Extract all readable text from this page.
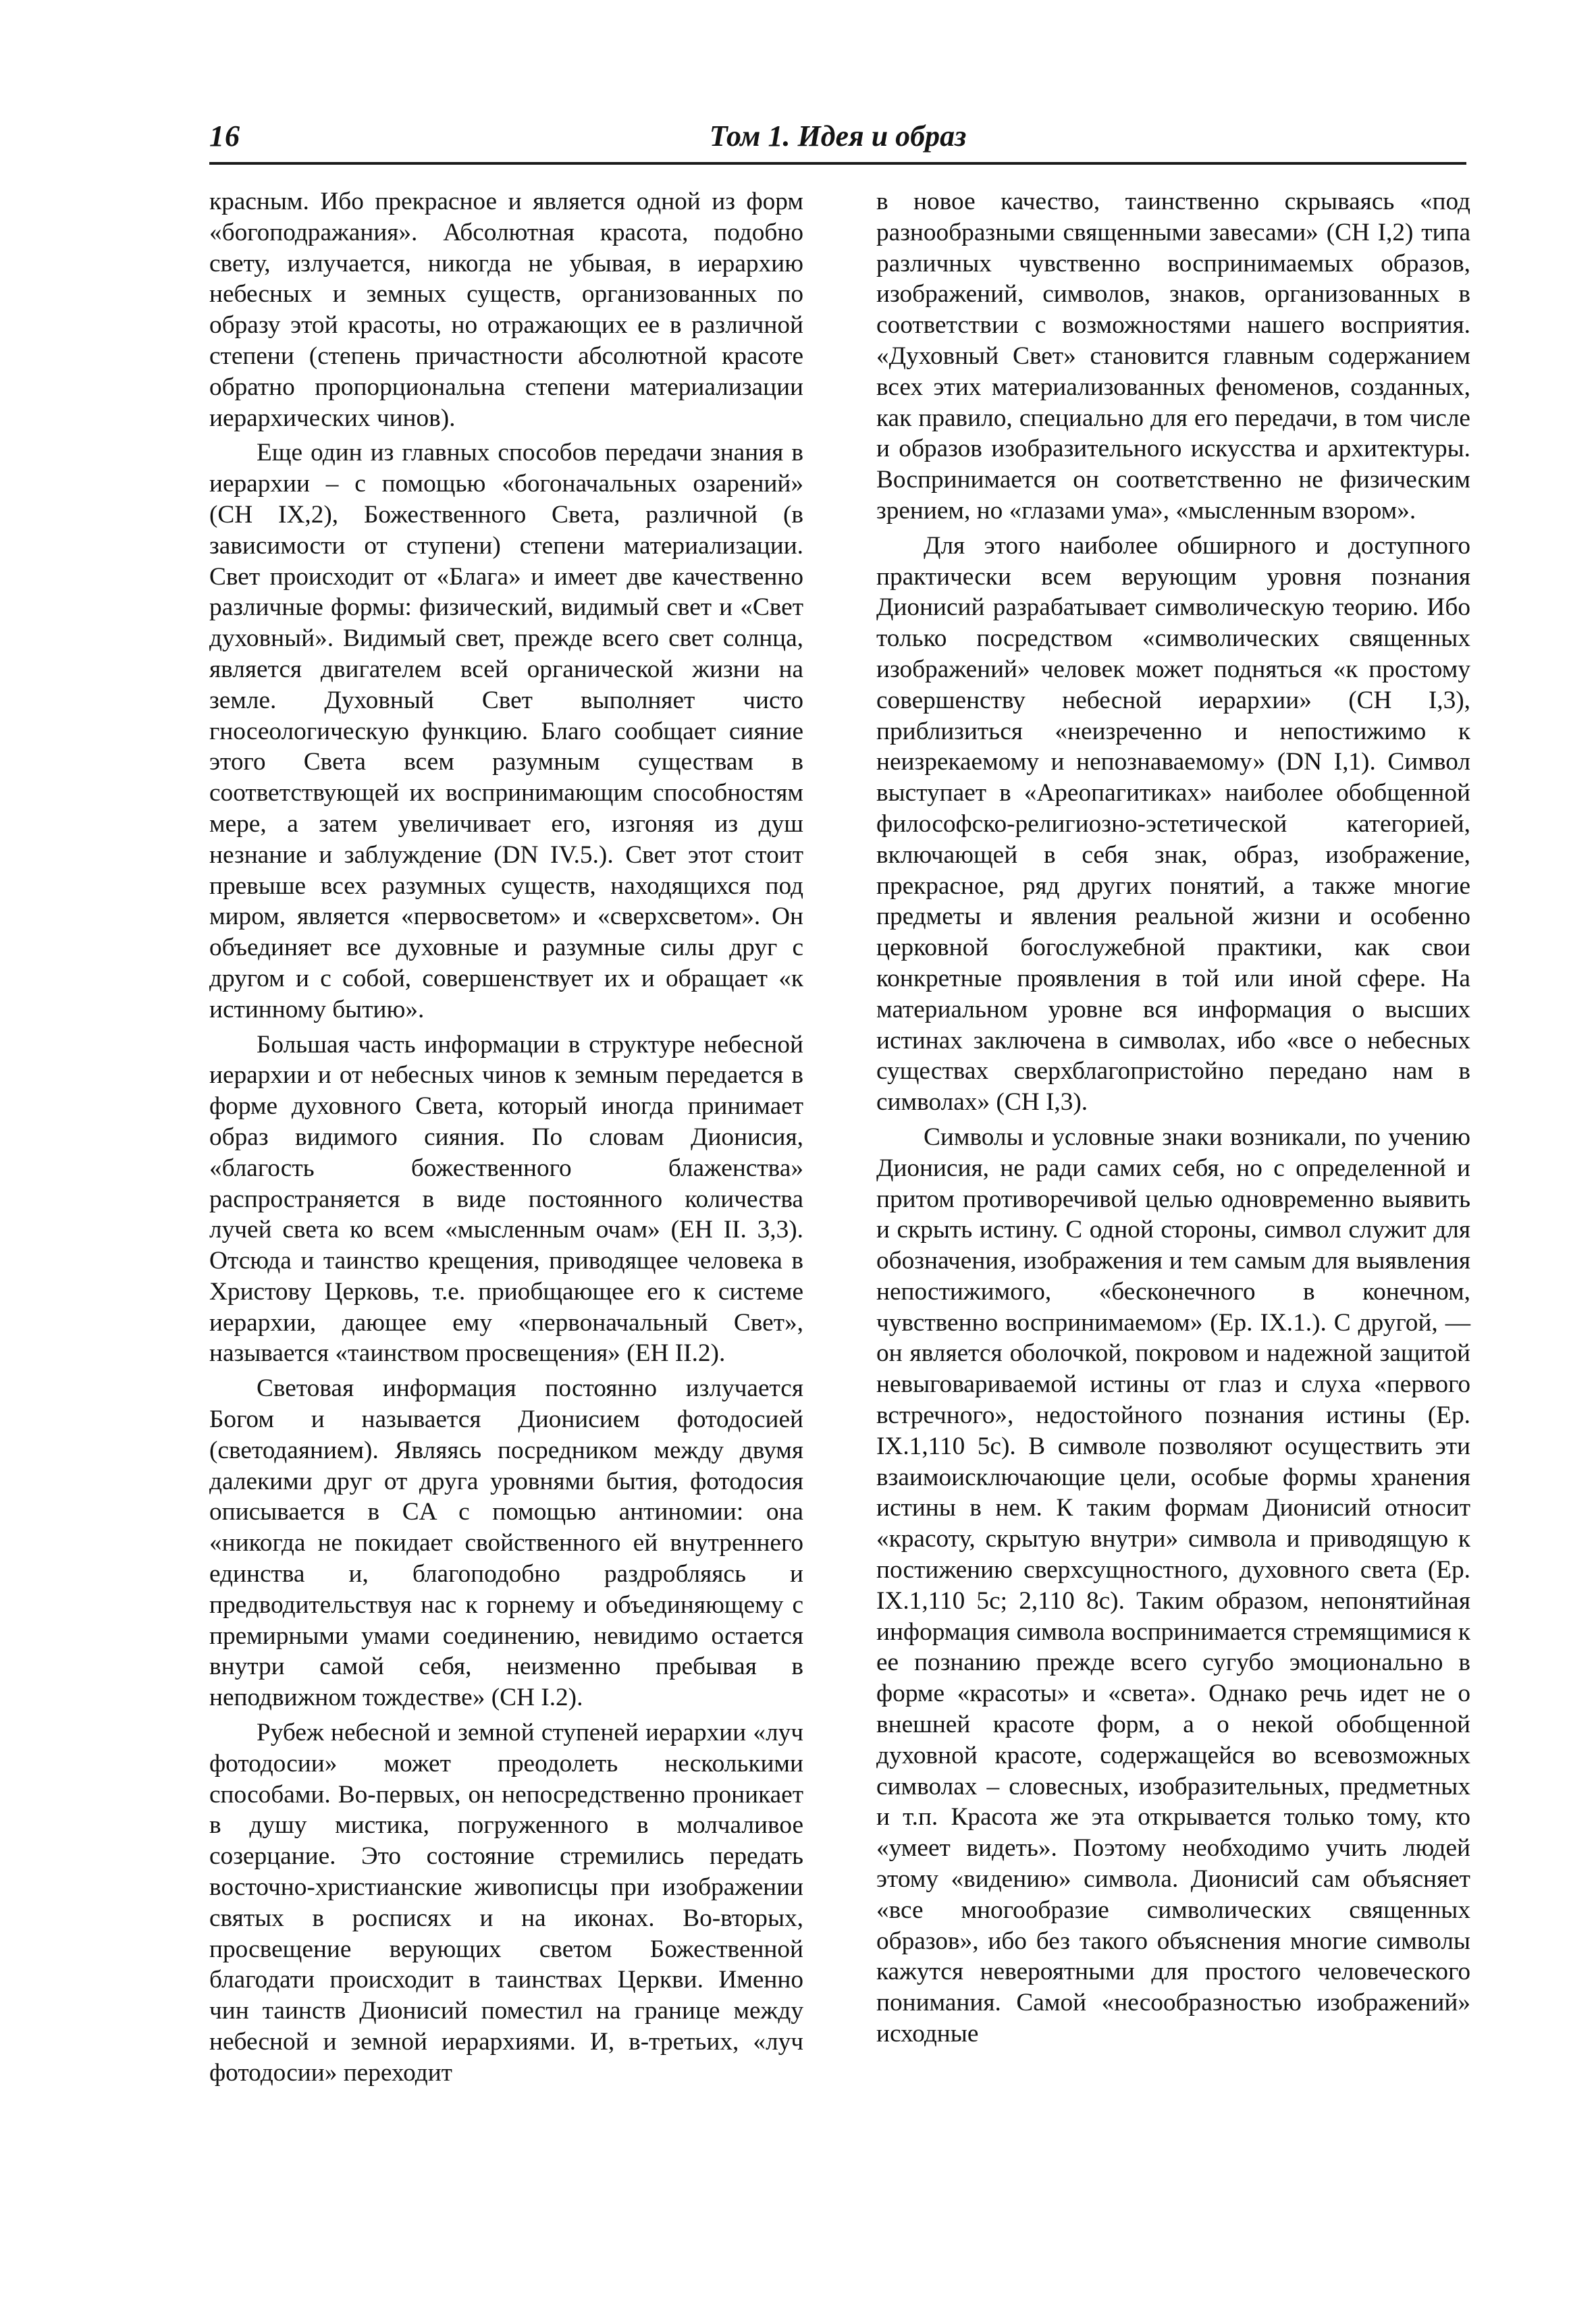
16	Том 1. Идея и образ

красным. Ибо прекрасное и является одной из форм «богоподражания». Абсолютная красота, подобно свету, излучается, никогда не убывая, в иерархию небесных и земных существ, организованных по образу этой красоты, но отражающих ее в различной степени (степень причастности абсолютной красоте обратно пропорциональна степени материализации иерархических чинов).

Еще один из главных способов передачи знания в иерархии – с помощью «богоначальных озарений» (CH IX,2), Божественного Света, различной (в зависимости от ступени) степени материализации. Свет происходит от «Блага» и имеет две качественно различные формы: физический, видимый свет и «Свет духовный». Видимый свет, прежде всего свет солнца, является двигателем всей органической жизни на земле. Духовный Свет выполняет чисто гносеологическую функцию. Благо сообщает сияние этого Света всем разумным существам в соответствующей их воспринимающим способностям мере, а затем увеличивает его, изгоняя из душ незнание и заблуждение (DN IV.5.). Свет этот стоит превыше всех разумных существ, находящихся под миром, является «первосветом» и «сверхсветом». Он объединяет все духовные и разумные силы друг с другом и с собой, совершенствует их и обращает «к истинному бытию».

Большая часть информации в структуре небесной иерархии и от небесных чинов к земным передается в форме духовного Света, который иногда принимает образ видимого сияния. По словам Дионисия, «благость божественного блаженства» распространяется в виде постоянного количества лучей света ко всем «мысленным очам» (EH II. 3,3). Отсюда и таинство крещения, приводящее человека в Христову Церковь, т.е. приобщающее его к системе иерархии, дающее ему «первоначальный Свет», называется «таинством просвещения» (EH II.2).

Световая информация постоянно излучается Богом и называется Дионисием фотодосией (светодаянием). Являясь посредником между двумя далекими друг от друга уровнями бытия, фотодосия описывается в CA с помощью антиномии: она «никогда не покидает свойственного ей внутреннего единства и, благоподобно раздробляясь и предводительствуя нас к горнему и объединяющему с премирными умами соединению, невидимо остается внутри самой себя, неизменно пребывая в неподвижном тождестве» (CH I.2).

Рубеж небесной и земной ступеней иерархии «луч фотодосии» может преодолеть несколькими способами. Во-первых, он непосредственно проникает в душу мистика, погруженного в молчаливое созерцание. Это состояние стремились передать восточно-христианские живописцы при изображении святых в росписях и на иконах. Во-вторых, просвещение верующих светом Божественной благодати происходит в таинствах Церкви. Именно чин таинств Дионисий поместил на границе между небесной и земной иерархиями. И, в-третьих, «луч фотодосии» переходит

в новое качество, таинственно скрываясь «под разнообразными священными завесами» (CH I,2) типа различных чувственно воспринимаемых образов, изображений, символов, знаков, организованных в соответствии с возможностями нашего восприятия. «Духовный Свет» становится главным содержанием всех этих материализованных феноменов, созданных, как правило, специально для его передачи, в том числе и образов изобразительного искусства и архитектуры. Воспринимается он соответственно не физическим зрением, но «глазами ума», «мысленным взором».

Для этого наиболее обширного и доступного практически всем верующим уровня познания Дионисий разрабатывает символическую теорию. Ибо только посредством «символических священных изображений» человек может подняться «к простому совершенству небесной иерархии» (CH I,3), приблизиться «неизреченно и непостижимо к неизрекаемому и непознаваемому» (DN I,1). Символ выступает в «Ареопагитиках» наиболее обобщенной философско-религиозно-эстетической категорией, включающей в себя знак, образ, изображение, прекрасное, ряд других понятий, а также многие предметы и явления реальной жизни и особенно церковной богослужебной практики, как свои конкретные проявления в той или иной сфере. На материальном уровне вся информация о высших истинах заключена в символах, ибо «все о небесных существах сверхблагопристойно передано нам в символах» (CH I,3).

Символы и условные знаки возникали, по учению Дионисия, не ради самих себя, но с определенной и притом противоречивой целью одновременно выявить и скрыть истину. С одной стороны, символ служит для обозначения, изображения и тем самым для выявления непостижимого, «бесконечного в конечном, чувственно воспринимаемом» (Ep. IX.1.). С другой, — он является оболочкой, покровом и надежной защитой невыговариваемой истины от глаз и слуха «первого встречного», недостойного познания истины (Ep. IX.1,110 5c). В символе позволяют осуществить эти взаимоисключающие цели, особые формы хранения истины в нем. К таким формам Дионисий относит «красоту, скрытую внутри» символа и приводящую к постижению сверхсущностного, духовного света (Ep. IX.1,110 5c; 2,110 8c). Таким образом, непонятийная информация символа воспринимается стремящимися к ее познанию прежде всего сугубо эмоционально в форме «красоты» и «света». Однако речь идет не о внешней красоте форм, а о некой обобщенной духовной красоте, содержащейся во всевозможных символах – словесных, изобразительных, предметных и т.п. Красота же эта открывается только тому, кто «умеет видеть». Поэтому необходимо учить людей этому «видению» символа. Дионисий сам объясняет «все многообразие символических священных образов», ибо без такого объяснения многие символы кажутся невероятными для простого человеческого понимания. Самой «несообразностью изображений» исходные
